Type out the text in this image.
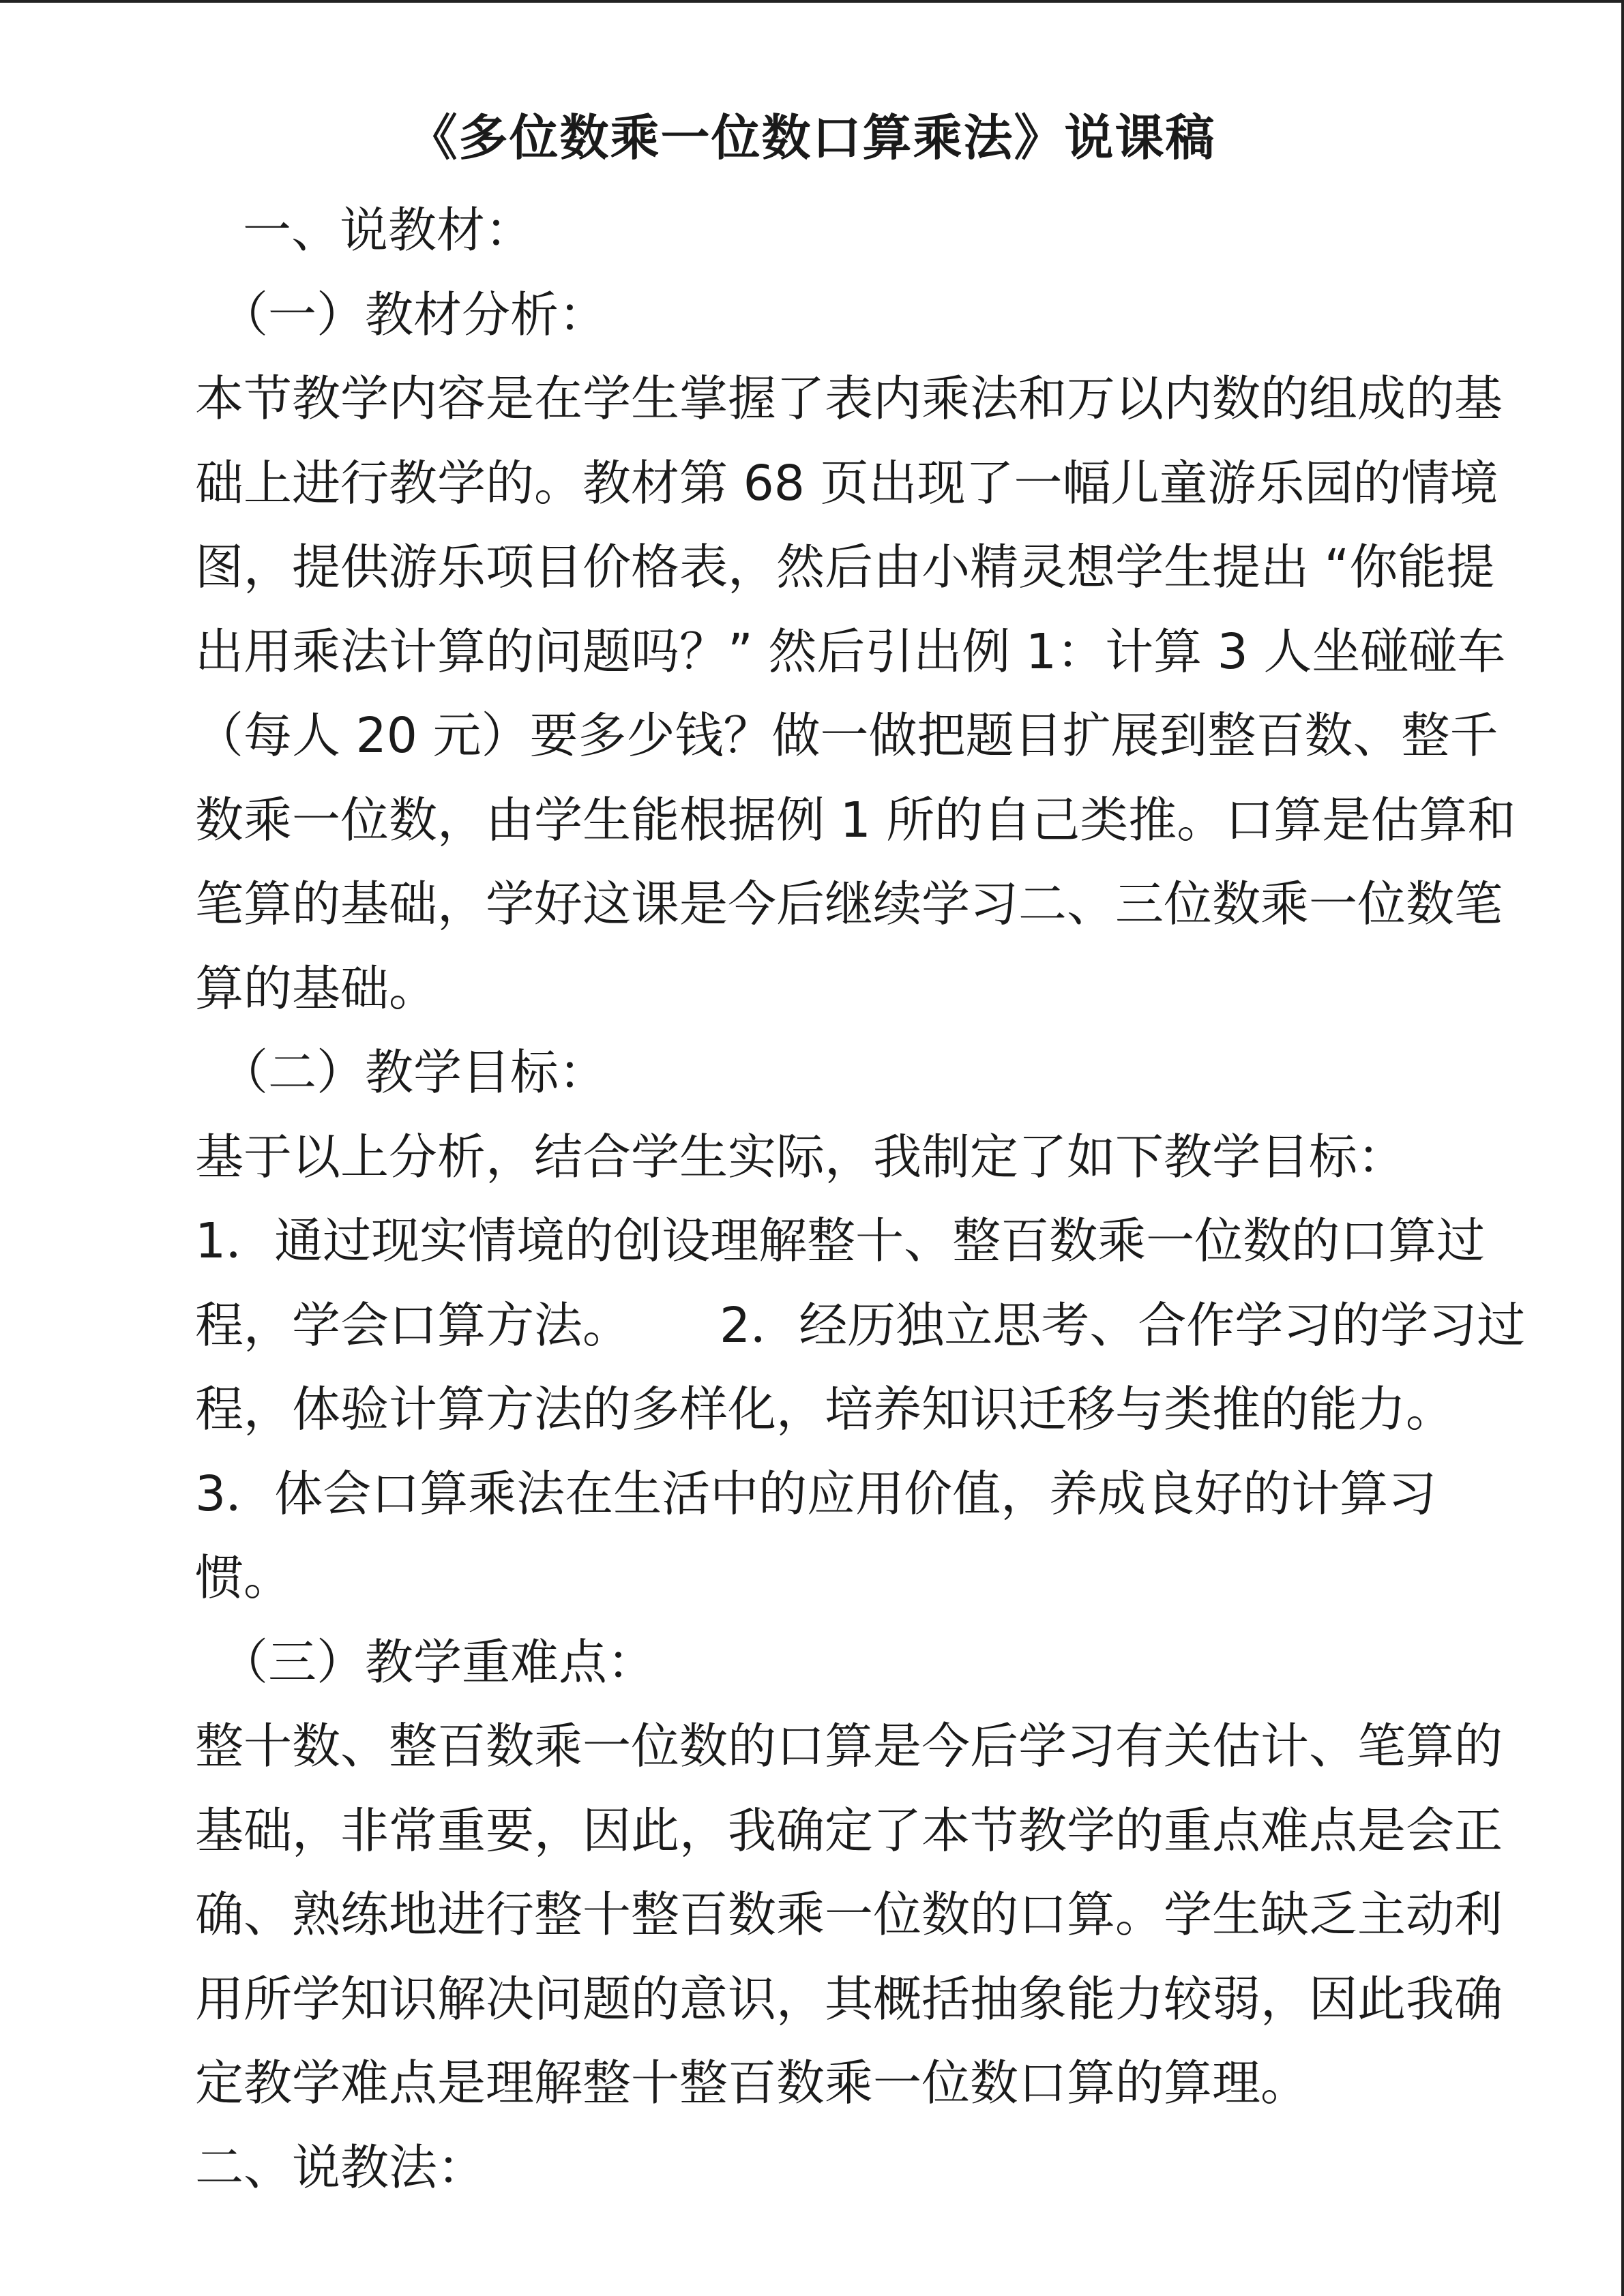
《多位数乘一位数口算乘法》说课稿
一、说教材：
（一）教材分析：
本节教学内容是在学生掌握了表内乘法和万以内数的组成的基
础上进行教学的。教材第 68 页出现了一幅儿童游乐园的情境
图，提供游乐项目价格表，然后由小精灵想学生提出 “你能提
出用乘法计算的问题吗？” 然后引出例 1：计算 3 人坐碰碰车
（每人 20 元）要多少钱？做一做把题目扩展到整百数、整千
数乘一位数，由学生能根据例 1 所的自己类推。口算是估算和
笔算的基础，学好这课是今后继续学习二、三位数乘一位数笔
算的基础。
（二）教学目标：
基于以上分析，结合学生实际，我制定了如下教学目标：
1．通过现实情境的创设理解整十、整百数乘一位数的口算过
程，学会口算方法。 2．经历独立思考、合作学习的学习过
程，体验计算方法的多样化，培养知识迁移与类推的能力。
3．体会口算乘法在生活中的应用价值，养成良好的计算习
惯。
（三）教学重难点：
整十数、整百数乘一位数的口算是今后学习有关估计、笔算的
基础，非常重要，因此，我确定了本节教学的重点难点是会正
确、熟练地进行整十整百数乘一位数的口算。学生缺乏主动利
用所学知识解决问题的意识，其概括抽象能力较弱，因此我确
定教学难点是理解整十整百数乘一位数口算的算理。
二、说教法：
